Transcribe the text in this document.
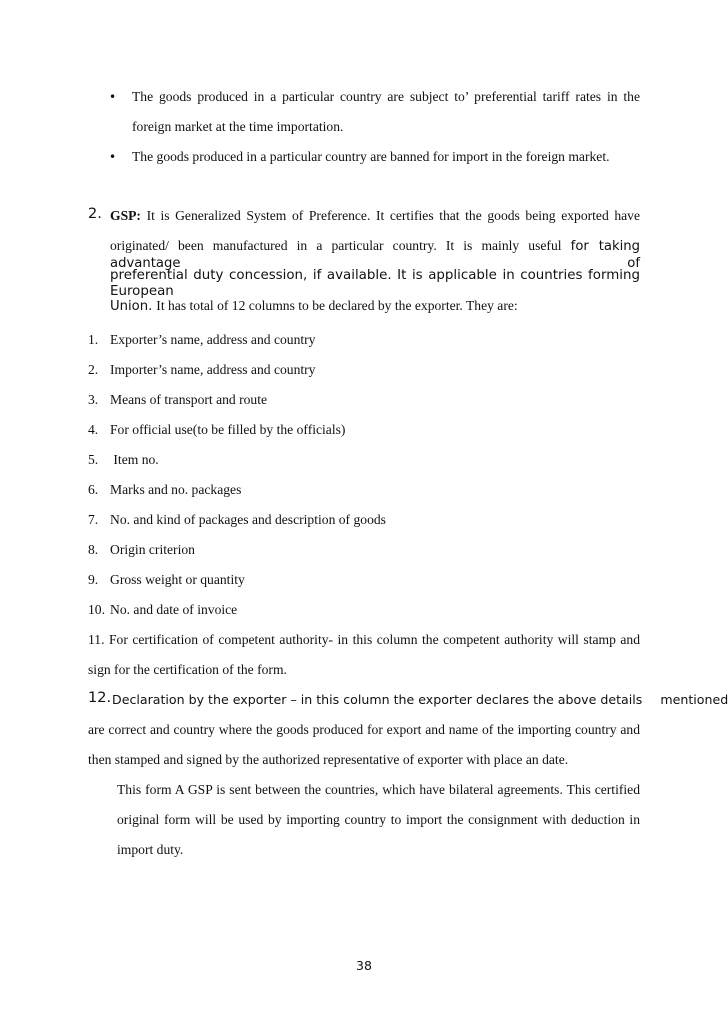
• The goods produced in a particular country are subject to’ preferential tariff rates in the
foreign market at the time importation.
• The goods produced in a particular country are banned for import in the foreign market.
2. GSP: It is Generalized System of Preference. It certifies that the goods being exported have
originated/ been manufactured in a particular country. It is mainly useful for taking advantage of
preferential duty concession, if available. It is applicable in countries forming European
Union. It has total of 12 columns to be declared by the exporter. They are:
1. Exporter’s name, address and country
2. Importer’s name, address and country
3. Means of transport and route
4. For official use(to be filled by the officials)
5. Item no.
6. Marks and no. packages
7. No. and kind of packages and description of goods
8. Origin criterion
9. Gross weight or quantity
10. No. and date of invoice
11. For certification of competent authority- in this column the competent authority will stamp and
sign for the certification of the form.
12. Declaration by the exporter – in this column the exporter declares the above details mentioned
are correct and country where the goods produced for export and name of the importing country and
then stamped and signed by the authorized representative of exporter with place an date.
This form A GSP is sent between the countries, which have bilateral agreements. This certified
original form will be used by importing country to import the consignment with deduction in
import duty.
38
